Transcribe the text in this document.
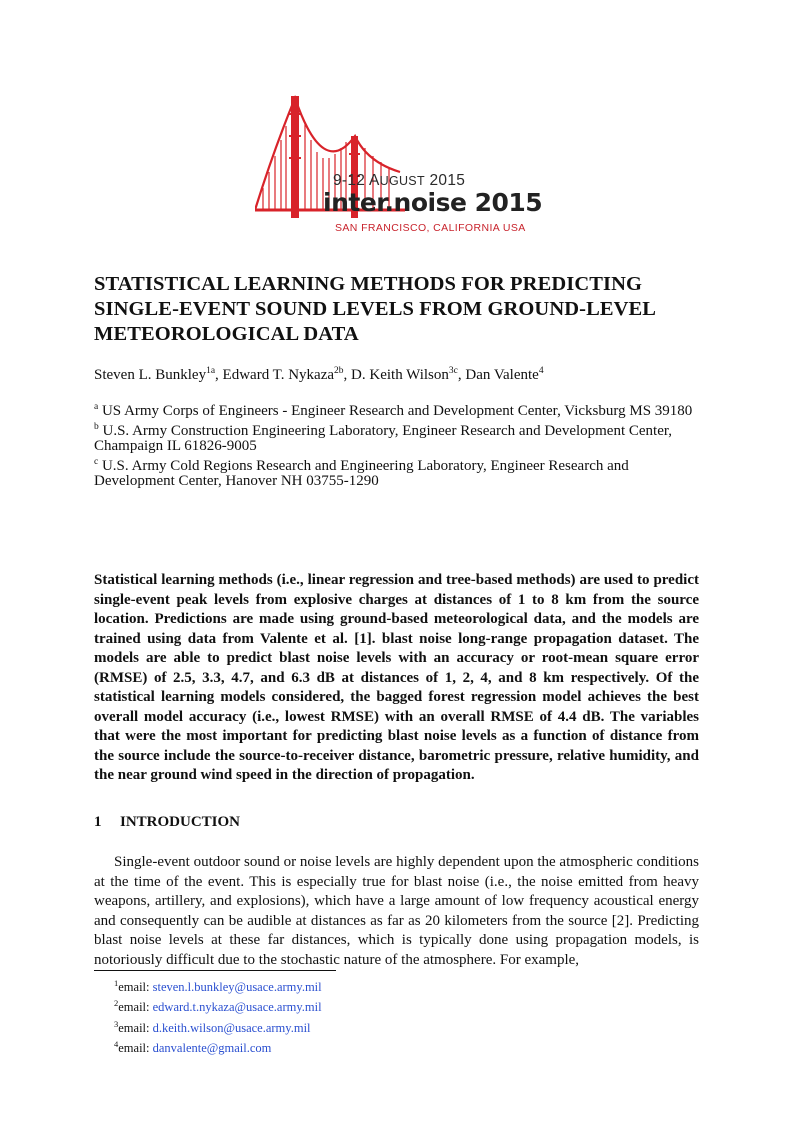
9-12 AUGUST 2015
inter.noise 2015
SAN FRANCISCO, CALIFORNIA USA
STATISTICAL LEARNING METHODS FOR PREDICTING SINGLE-EVENT SOUND LEVELS FROM GROUND-LEVEL METEOROLOGICAL DATA
Steven L. Bunkley$^{1a}$, Edward T. Nykaza$^{2b}$, D. Keith Wilson$^{3c}$, Dan Valente$^4$

$^a$ US Army Corps of Engineers - Engineer Research and Development Center, Vicksburg MS 39180

$^b$ U.S. Army Construction Engineering Laboratory, Engineer Research and Development Center, Champaign IL 61826-9005

$^c$ U.S. Army Cold Regions Research and Engineering Laboratory, Engineer Research and Development Center, Hanover NH 03755-1290

Statistical learning methods (i.e., linear regression and tree-based methods) are used to predict single-event peak levels from explosive charges at distances of 1 to 8 km from the source location. Predictions are made using ground-based meteorological data, and the models are trained using data from Valente et al. [1]. blast noise long-range propagation dataset. The models are able to predict blast noise levels with an accuracy or root-mean square error (RMSE) of 2.5, 3.3, 4.7, and 6.3 dB at distances of 1, 2, 4, and 8 km respectively. Of the statistical learning models considered, the bagged forest regression model achieves the best overall model accuracy (i.e., lowest RMSE) with an overall RMSE of 4.4 dB. The variables that were the most important for predicting blast noise levels as a function of distance from the source include the source-to-receiver distance, barometric pressure, relative humidity, and the near ground wind speed in the direction of propagation.

1 INTRODUCTION

Single-event outdoor sound or noise levels are highly dependent upon the atmospheric conditions at the time of the event. This is especially true for blast noise (i.e., the noise emitted from heavy weapons, artillery, and explosions), which have a large amount of low frequency acoustical energy and consequently can be audible at distances as far as 20 kilometers from the source [2]. Predicting blast noise levels at these far distances, which is typically done using propagation models, is notoriously difficult due to the stochastic nature of the atmosphere. For example,

$^1$email: steven.l.bunkley@usace.army.mil
$^2$email: edward.t.nykaza@usace.army.mil
$^3$email: d.keith.wilson@usace.army.mil
$^4$email: danvalente@gmail.com
